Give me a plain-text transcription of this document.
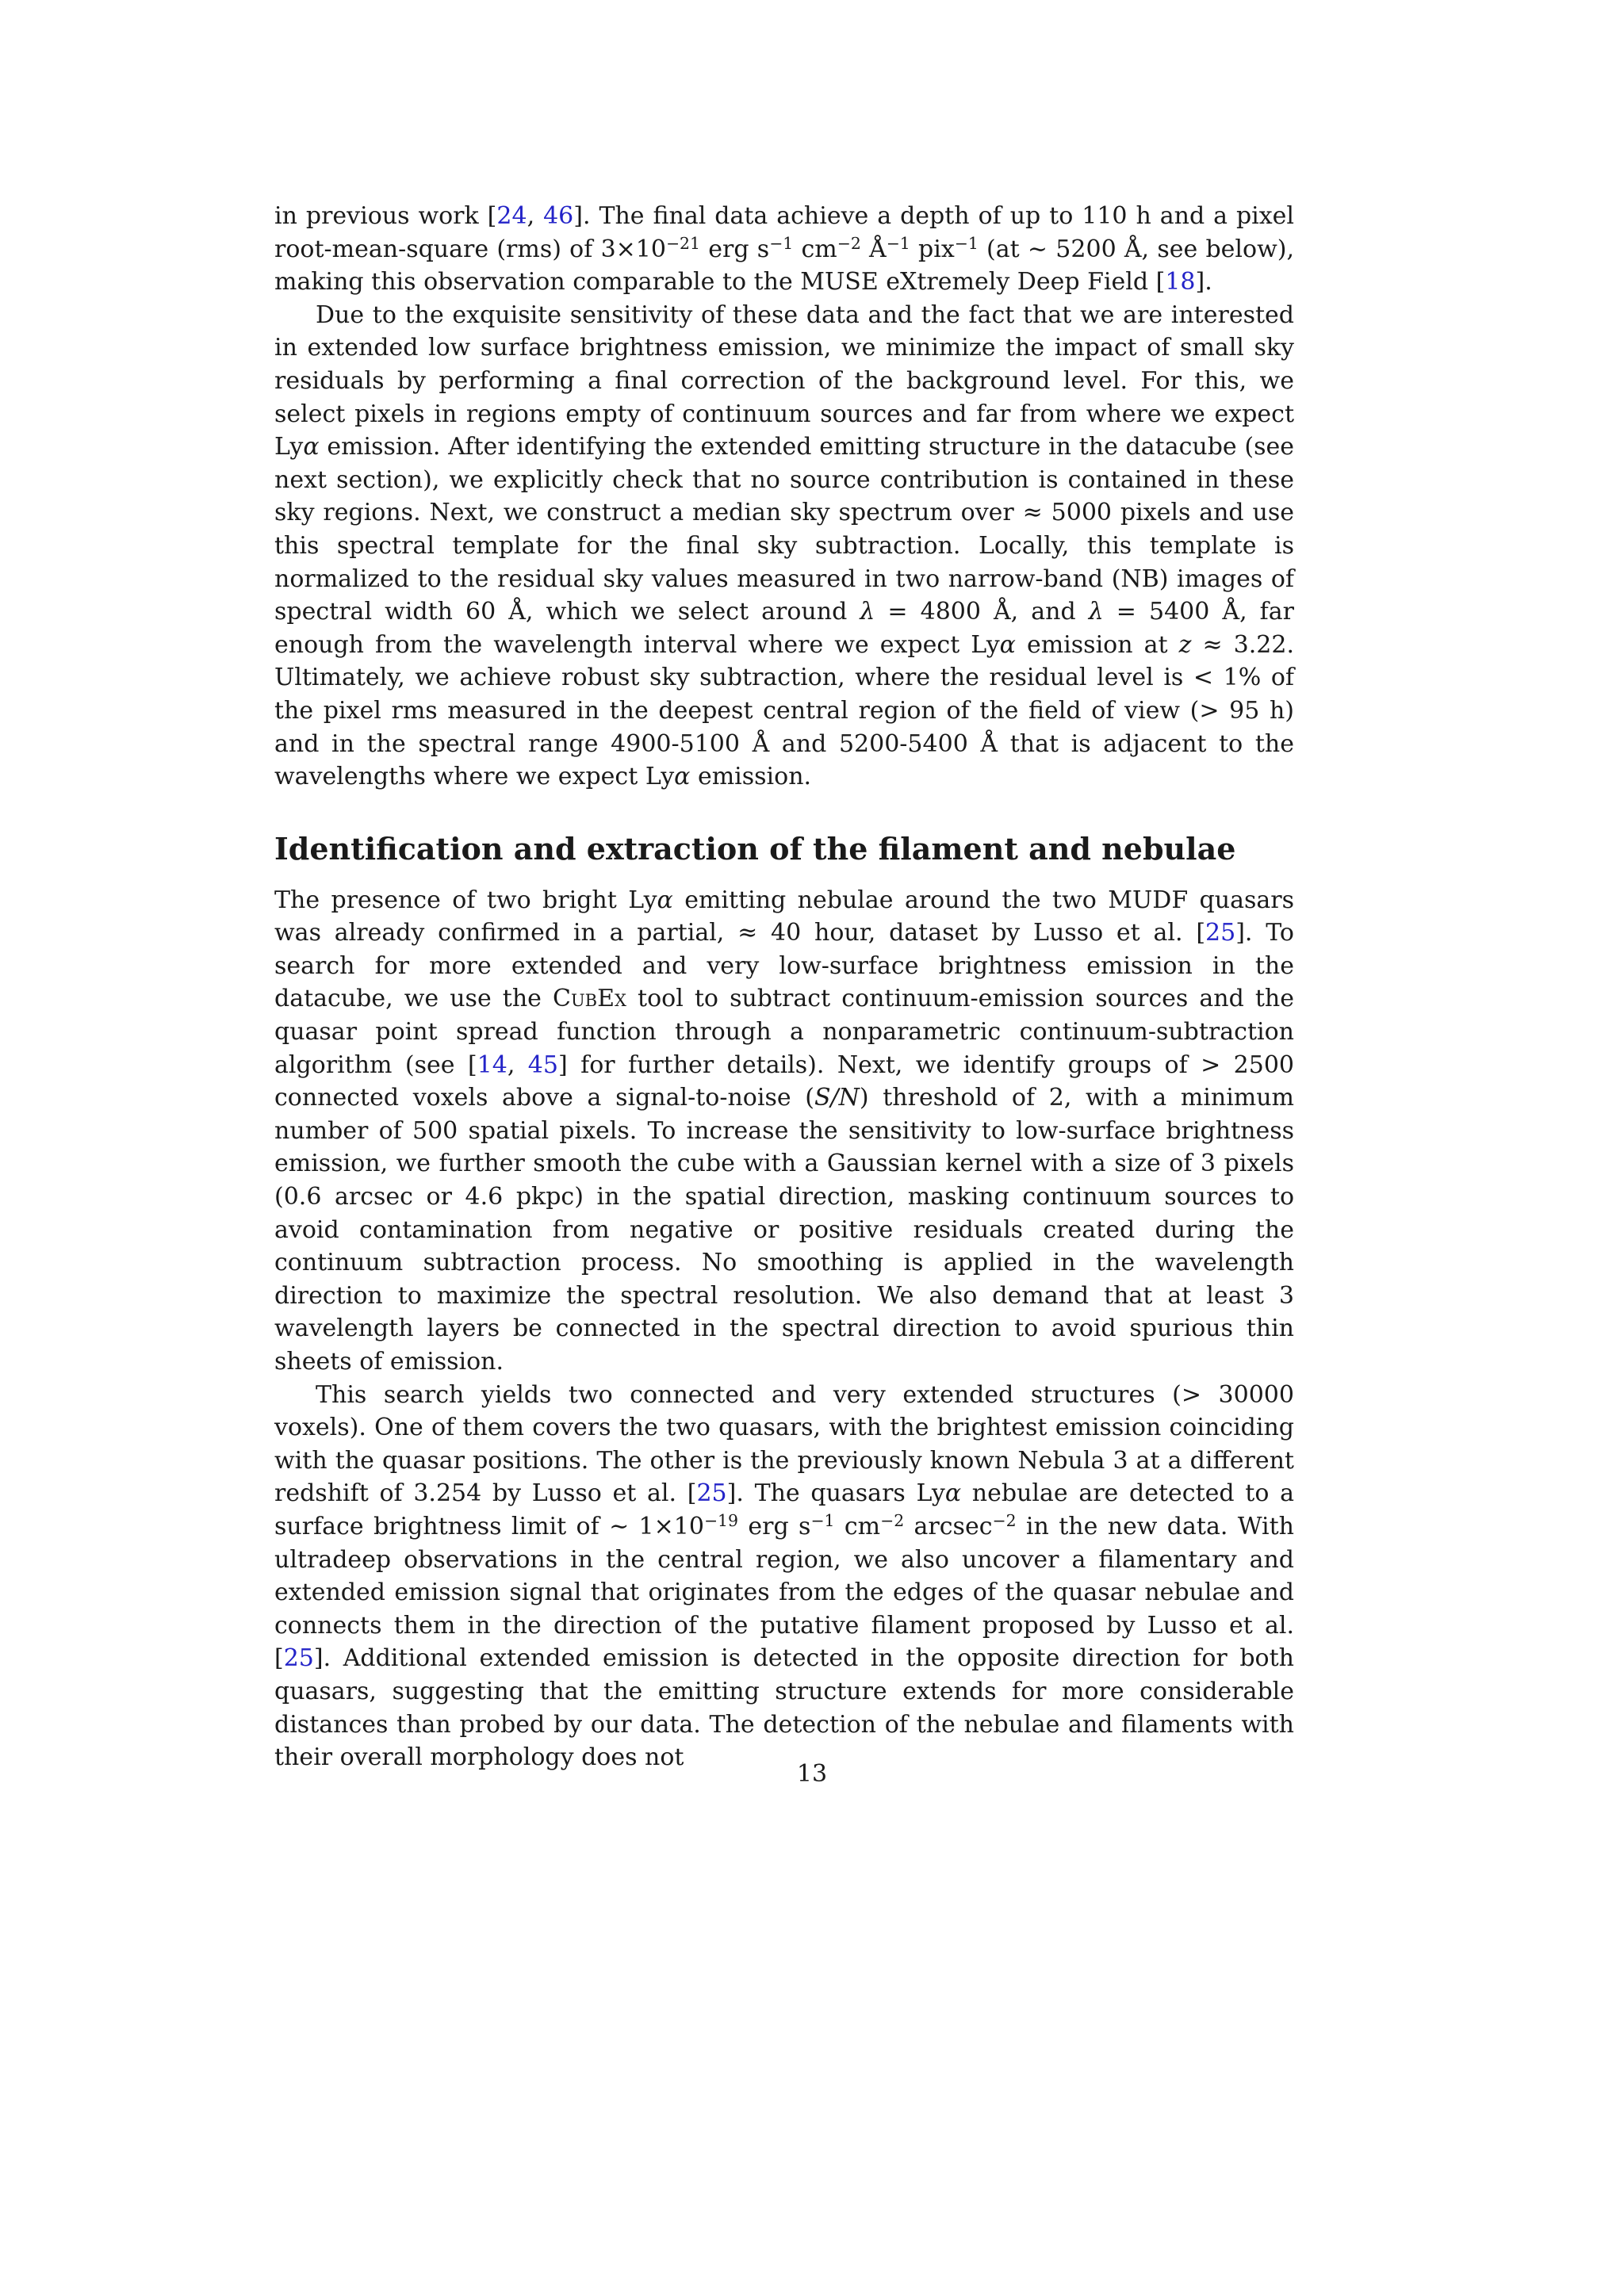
in previous work [24, 46]. The final data achieve a depth of up to 110 h and a pixel root-mean-square (rms) of $3\times 10^{-21}$ erg $s^{-1}$ $cm^{-2}$ $Å^{-1}$ pix$^{-1}$ (at ∼ 5200 Å, see below), making this observation comparable to the MUSE eXtremely Deep Field [18].

Due to the exquisite sensitivity of these data and the fact that we are interested in extended low surface brightness emission, we minimize the impact of small sky residuals by performing a final correction of the background level. For this, we select pixels in regions empty of continuum sources and far from where we expect Lyα emission. After identifying the extended emitting structure in the datacube (see next section), we explicitly check that no source contribution is contained in these sky regions. Next, we construct a median sky spectrum over ≈ 5000 pixels and use this spectral template for the final sky subtraction. Locally, this template is normalized to the residual sky values measured in two narrow-band (NB) images of spectral width 60 Å, which we select around λ = 4800 Å, and λ = 5400 Å, far enough from the wavelength interval where we expect Lyα emission at z ≈ 3.22. Ultimately, we achieve robust sky subtraction, where the residual level is < 1% of the pixel rms measured in the deepest central region of the field of view (> 95 h) and in the spectral range 4900-5100 Å and 5200-5400 Å that is adjacent to the wavelengths where we expect Lyα emission.

Identification and extraction of the filament and nebulae

The presence of two bright Lyα emitting nebulae around the two MUDF quasars was already confirmed in a partial, ≈ 40 hour, dataset by Lusso et al. [25]. To search for more extended and very low-surface brightness emission in the datacube, we use the CubEx tool to subtract continuum-emission sources and the quasar point spread function through a nonparametric continuum-subtraction algorithm (see [14, 45] for further details). Next, we identify groups of > 2500 connected voxels above a signal-to-noise (S/N) threshold of 2, with a minimum number of 500 spatial pixels. To increase the sensitivity to low-surface brightness emission, we further smooth the cube with a Gaussian kernel with a size of 3 pixels (0.6 arcsec or 4.6 pkpc) in the spatial direction, masking continuum sources to avoid contamination from negative or positive residuals created during the continuum subtraction process. No smoothing is applied in the wavelength direction to maximize the spectral resolution. We also demand that at least 3 wavelength layers be connected in the spectral direction to avoid spurious thin sheets of emission.

This search yields two connected and very extended structures (> 30000 voxels). One of them covers the two quasars, with the brightest emission coinciding with the quasar positions. The other is the previously known Nebula 3 at a different redshift of 3.254 by Lusso et al. [25]. The quasars Lyα nebulae are detected to a surface brightness limit of ∼ $1\times 10^{-19}$ erg $s^{-1}$ $cm^{-2}$ arcsec$^{-2}$ in the new data. With ultradeep observations in the central region, we also uncover a filamentary and extended emission signal that originates from the edges of the quasar nebulae and connects them in the direction of the putative filament proposed by Lusso et al. [25]. Additional extended emission is detected in the opposite direction for both quasars, suggesting that the emitting structure extends for more considerable distances than probed by our data. The detection of the nebulae and filaments with their overall morphology does not

13
